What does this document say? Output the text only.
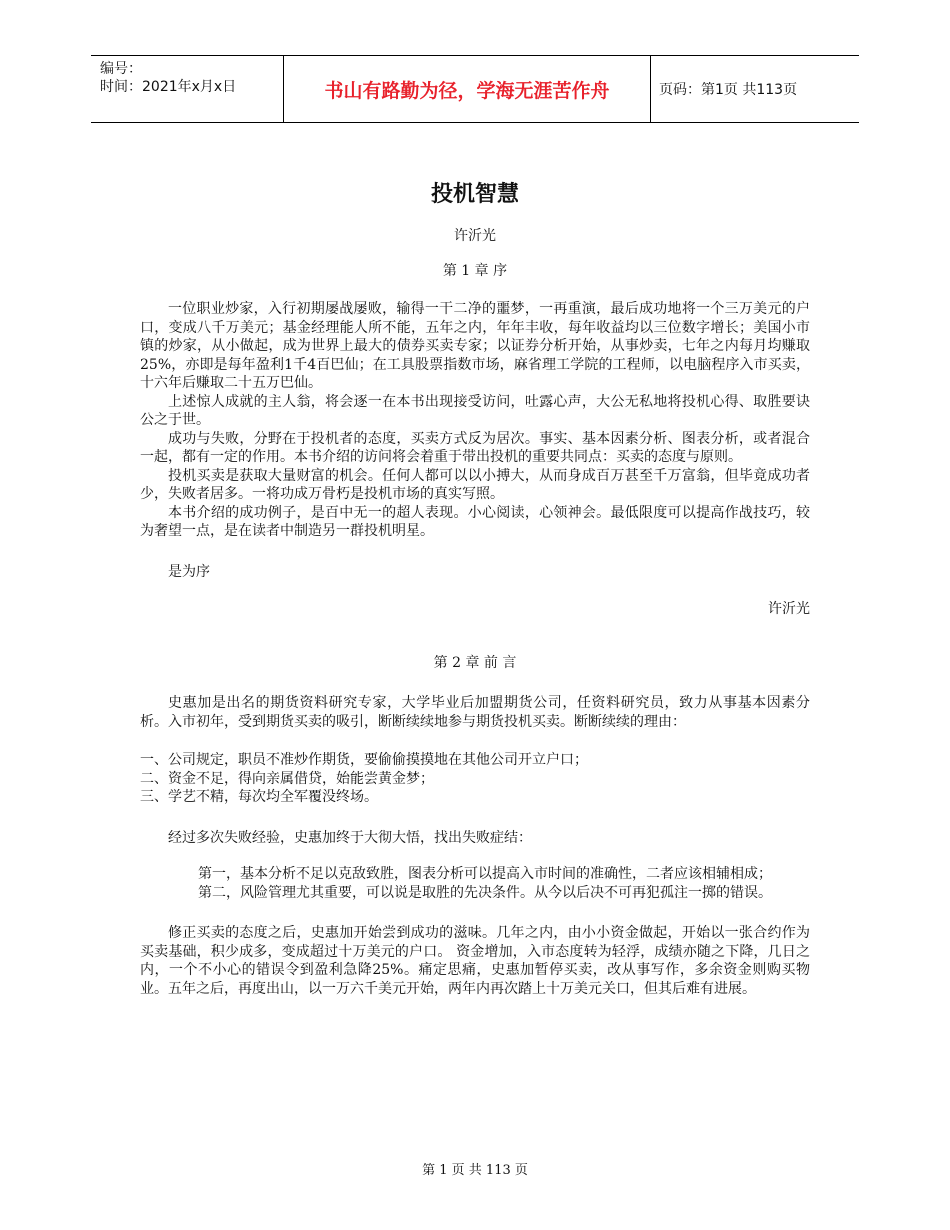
编号：
时间：2021年x月x日	书山有路勤为径，学海无涯苦作舟	页码：第1页 共113页
投机智慧
许沂光
第 1 章 序

一位职业炒家，入行初期屡战屡败，输得一干二净的噩梦，一再重演，最后成功地将一个三万美元的户口，变成八千万美元；基金经理能人所不能，五年之内，年年丰收，每年收益均以三位数字增长；美国小市镇的炒家，从小做起，成为世界上最大的债券买卖专家；以证券分析开始，从事炒卖，七年之内每月均赚取25%，亦即是每年盈利1千4百巴仙；在工具股票指数市场，麻省理工学院的工程师，以电脑程序入市买卖，十六年后赚取二十五万巴仙。

上述惊人成就的主人翁，将会逐一在本书出现接受访问，吐露心声，大公无私地将投机心得、取胜要诀公之于世。

成功与失败，分野在于投机者的态度，买卖方式反为居次。事实、基本因素分析、图表分析，或者混合一起，都有一定的作用。本书介绍的访问将会着重于带出投机的重要共同点：买卖的态度与原则。

投机买卖是获取大量财富的机会。任何人都可以以小搏大，从而身成百万甚至千万富翁，但毕竟成功者少，失败者居多。一将功成万骨朽是投机市场的真实写照。

本书介绍的成功例子，是百中无一的超人表现。小心阅读，心领神会。最低限度可以提高作战技巧，较为奢望一点，是在读者中制造另一群投机明星。

是为序

许沂光
第 2 章 前 言

史惠加是出名的期货资料研究专家，大学毕业后加盟期货公司，任资料研究员，致力从事基本因素分析。入市初年，受到期货买卖的吸引，断断续续地参与期货投机买卖。断断续续的理由：

一、公司规定，职员不准炒作期货，要偷偷摸摸地在其他公司开立户口；

二、资金不足，得向亲属借贷，始能尝黄金梦；

三、学艺不精，每次均全军覆没终场。

经过多次失败经验，史惠加终于大彻大悟，找出失败症结：

第一，基本分析不足以克敌致胜，图表分析可以提高入市时间的准确性，二者应该相辅相成；

第二，风险管理尤其重要，可以说是取胜的先决条件。从今以后决不可再犯孤注一掷的错误。

修正买卖的态度之后，史惠加开始尝到成功的滋味。几年之内，由小小资金做起，开始以一张合约作为买卖基础，积少成多，变成超过十万美元的户口。 资金增加，入市态度转为轻浮，成绩亦随之下降，几日之内，一个不小心的错误令到盈利急降25%。痛定思痛，史惠加暂停买卖，改从事写作，多余资金则购买物业。五年之后，再度出山，以一万六千美元开始，两年内再次踏上十万美元关口，但其后难有进展。

第 1 页 共 113 页
